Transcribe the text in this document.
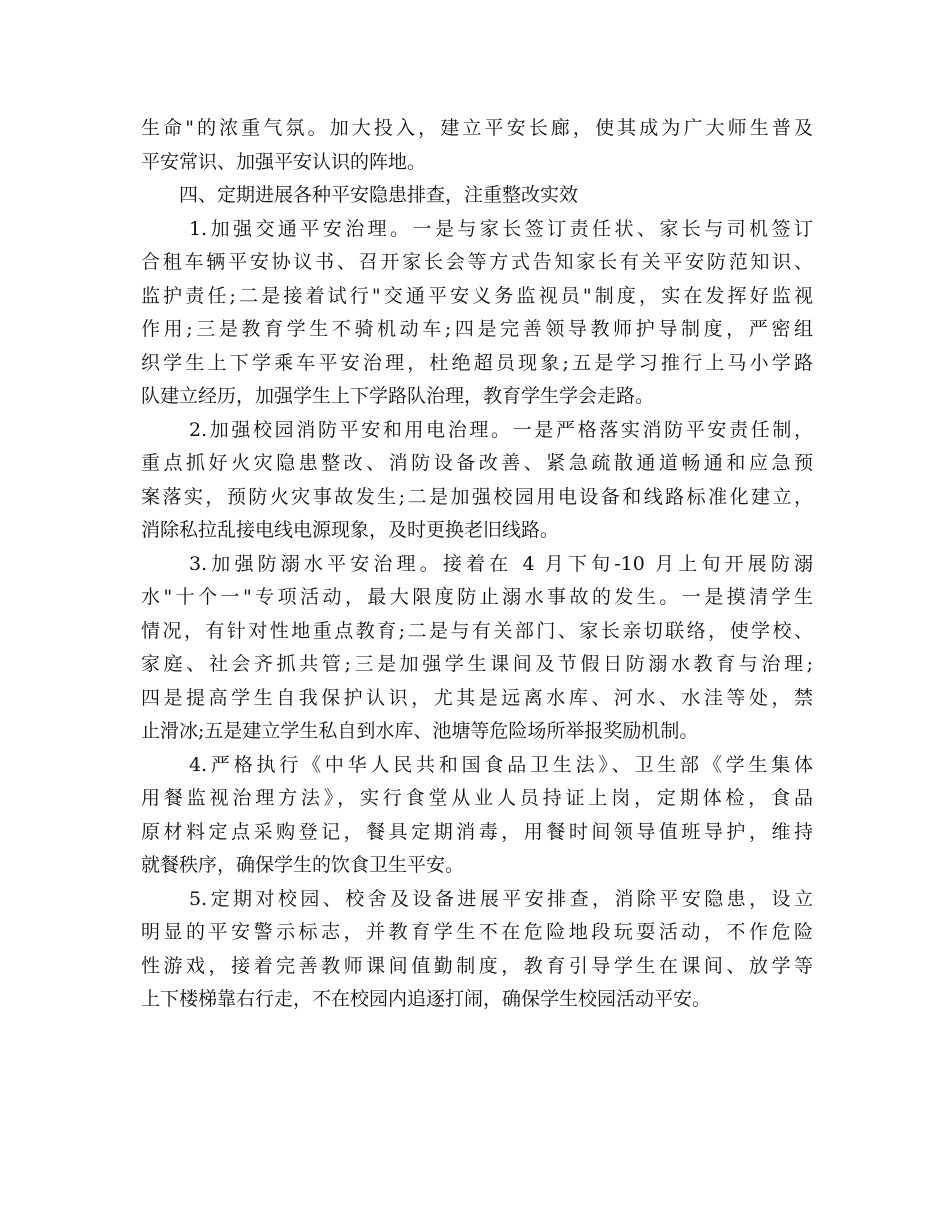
生命"的浓重气氛。加大投入，建立平安长廊，使其成为广大师生普及
平安常识、加强平安认识的阵地。
四、定期进展各种平安隐患排查，注重整改实效
1.加强交通平安治理。一是与家长签订责任状、家长与司机签订
合租车辆平安协议书、召开家长会等方式告知家长有关平安防范知识、
监护责任;二是接着试行"交通平安义务监视员"制度，实在发挥好监视
作用;三是教育学生不骑机动车;四是完善领导教师护导制度，严密组
织学生上下学乘车平安治理，杜绝超员现象;五是学习推行上马小学路
队建立经历，加强学生上下学路队治理，教育学生学会走路。
2.加强校园消防平安和用电治理。一是严格落实消防平安责任制，
重点抓好火灾隐患整改、消防设备改善、紧急疏散通道畅通和应急预
案落实，预防火灾事故发生;二是加强校园用电设备和线路标准化建立，
消除私拉乱接电线电源现象，及时更换老旧线路。
3.加强防溺水平安治理。接着在 4 月下旬-10 月上旬开展防溺
水"十个一"专项活动，最大限度防止溺水事故的发生。一是摸清学生
情况，有针对性地重点教育;二是与有关部门、家长亲切联络，使学校、
家庭、社会齐抓共管;三是加强学生课间及节假日防溺水教育与治理;
四是提高学生自我保护认识，尤其是远离水库、河水、水洼等处，禁
止滑冰;五是建立学生私自到水库、池塘等危险场所举报奖励机制。
4.严格执行《中华人民共和国食品卫生法》、卫生部《学生集体
用餐监视治理方法》，实行食堂从业人员持证上岗，定期体检，食品
原材料定点采购登记，餐具定期消毒，用餐时间领导值班导护，维持
就餐秩序，确保学生的饮食卫生平安。
5.定期对校园、校舍及设备进展平安排查，消除平安隐患，设立
明显的平安警示标志，并教育学生不在危险地段玩耍活动，不作危险
性游戏，接着完善教师课间值勤制度，教育引导学生在课间、放学等
上下楼梯靠右行走，不在校园内追逐打闹，确保学生校园活动平安。
